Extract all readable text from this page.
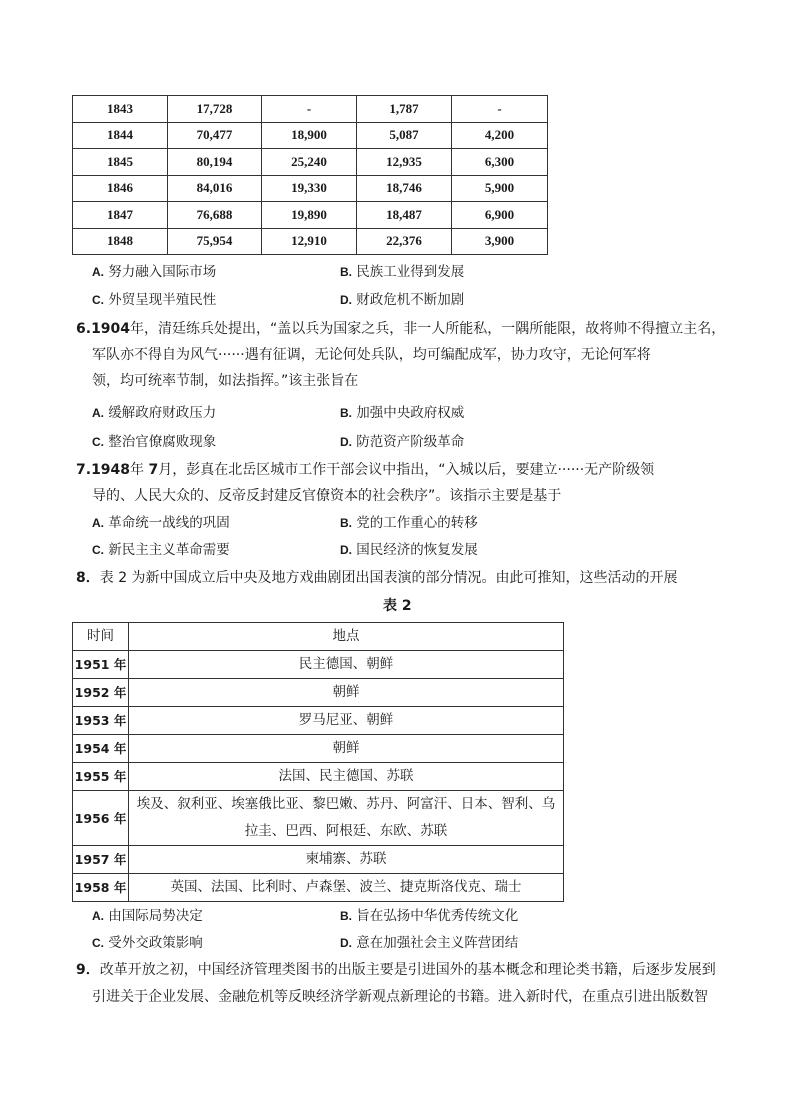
1843	17,728	-	1,787	-
1844	70,477	18,900	5,087	4,200
1845	80,194	25,240	12,935	6,300
1846	84,016	19,330	18,746	5,900
1847	76,688	19,890	18,487	6,900
1848	75,954	12,910	22,376	3,900
A. 努力融入国际市场	B. 民族工业得到发展
C. 外贸呈现半殖民性	D. 财政危机不断加剧
6.1904年，清廷练兵处提出，“盖以兵为国家之兵，非一人所能私，一隅所能限，故将帅不得擅立主名，
军队亦不得自为风气······遇有征调，无论何处兵队，均可编配成军，协力攻守，无论何军将
领，均可统率节制，如法指挥。”该主张旨在
A. 缓解政府财政压力	B. 加强中央政府权威
C. 整治官僚腐败现象	D. 防范资产阶级革命
7.1948年 7月，彭真在北岳区城市工作干部会议中指出，“入城以后，要建立······无产阶级领
导的、人民大众的、反帝反封建反官僚资本的社会秩序”。该指示主要是基于
A. 革命统一战线的巩固	B. 党的工作重心的转移
C. 新民主主义革命需要	D. 国民经济的恢复发展
8．表 2 为新中国成立后中央及地方戏曲剧团出国表演的部分情况。由此可推知，这些活动的开展
表 2
时间	地点
1951 年	民主德国、朝鲜
1952 年	朝鲜
1953 年	罗马尼亚、朝鲜
1954 年	朝鲜
1955 年	法国、民主德国、苏联
1956 年	埃及、叙利亚、埃塞俄比亚、黎巴嫩、苏丹、阿富汗、日本、智利、乌
拉圭、巴西、阿根廷、东欧、苏联

1957 年	柬埔寨、苏联
1958 年	英国、法国、比利时、卢森堡、波兰、捷克斯洛伐克、瑞士
A. 由国际局势决定	B. 旨在弘扬中华优秀传统文化
C. 受外交政策影响	D. 意在加强社会主义阵营团结
9．改革开放之初，中国经济管理类图书的出版主要是引进国外的基本概念和理论类书籍，后逐步发展到
引进关于企业发展、金融危机等反映经济学新观点新理论的书籍。进入新时代，在重点引进出版数智
